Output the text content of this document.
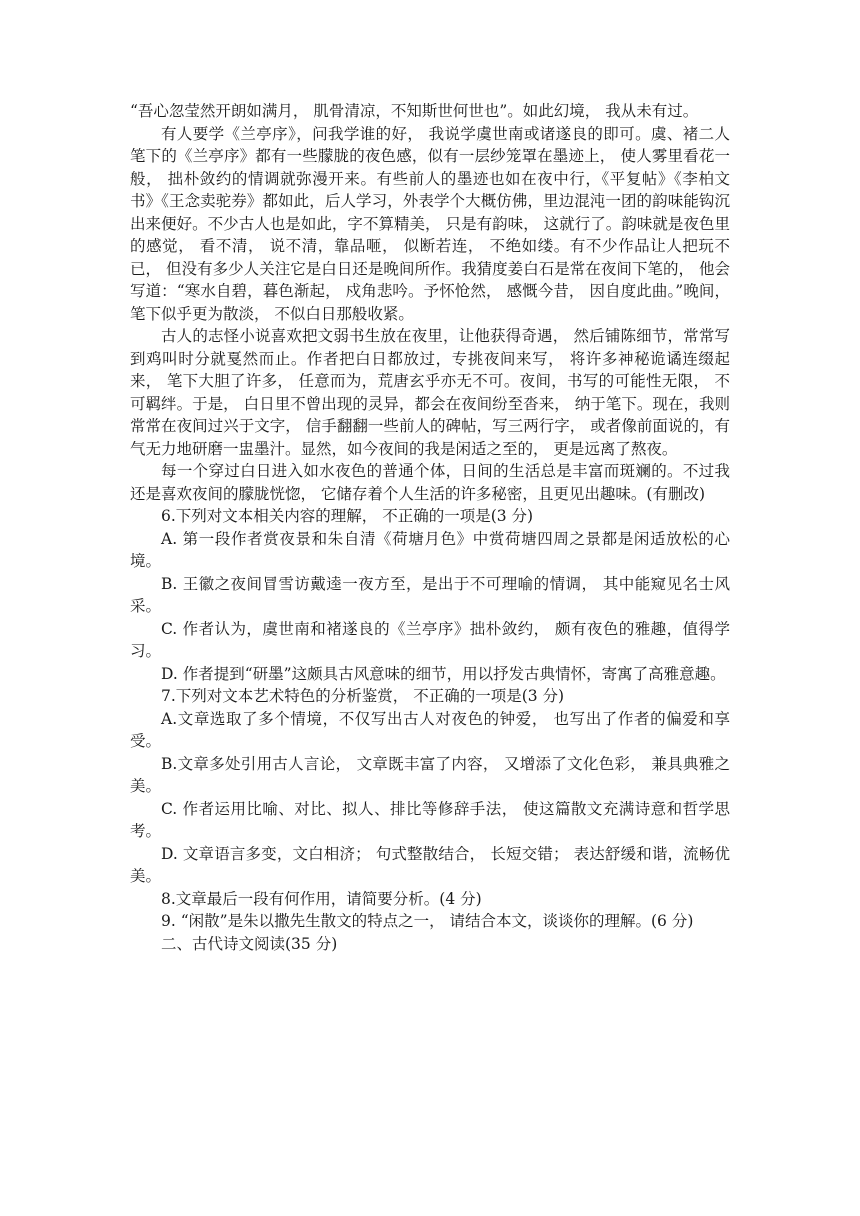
“吾心忽莹然开朗如满月， 肌骨清凉，不知斯世何世也”。如此幻境， 我从未有过。

有人要学《兰亭序》，问我学谁的好， 我说学虞世南或诸遂良的即可。虞、褚二人笔下的《兰亭序》都有一些朦胧的夜色感，似有一层纱笼罩在墨迹上， 使人雾里看花一般， 拙朴敛约的情调就弥漫开来。有些前人的墨迹也如在夜中行，《平复帖》《李柏文书》《王念卖驼券》都如此，后人学习，外表学个大概仿佛，里边混沌一团的韵味能钩沉出来便好。不少古人也是如此，字不算精美， 只是有韵味， 这就行了。韵味就是夜色里的感觉， 看不清， 说不清，靠品咂， 似断若连， 不绝如缕。有不少作品让人把玩不已， 但没有多少人关注它是白日还是晚间所作。我猜度姜白石是常在夜间下笔的， 他会写道：“寒水自碧，暮色渐起， 戍角悲吟。予怀怆然， 感慨今昔， 因自度此曲。”晚间， 笔下似乎更为散淡， 不似白日那般收紧。

古人的志怪小说喜欢把文弱书生放在夜里，让他获得奇遇， 然后铺陈细节，常常写到鸡叫时分就戛然而止。作者把白日都放过，专挑夜间来写， 将许多神秘诡谲连缀起来， 笔下大胆了许多， 任意而为，荒唐玄乎亦无不可。夜间，书写的可能性无限， 不可羁绊。于是， 白日里不曾出现的灵异，都会在夜间纷至沓来， 纳于笔下。现在，我则常常在夜间过兴于文字， 信手翻翻一些前人的碑帖，写三两行字， 或者像前面说的，有气无力地研磨一盅墨汁。显然，如今夜间的我是闲适之至的， 更是远离了熬夜。

每一个穿过白日进入如水夜色的普通个体，日间的生活总是丰富而斑斓的。不过我还是喜欢夜间的朦胧恍惚， 它储存着个人生活的许多秘密，且更见出趣味。(有删改)

6.下列对文本相关内容的理解， 不正确的一项是(3 分)

A. 第一段作者赏夜景和朱自清《荷塘月色》中赏荷塘四周之景都是闲适放松的心境。

B. 王徽之夜间冒雪访戴逵一夜方至，是出于不可理喻的情调， 其中能窥见名士风采。

C. 作者认为，虞世南和褚遂良的《兰亭序》拙朴敛约， 颇有夜色的雅趣，值得学习。

D. 作者提到“研墨”这颇具古风意味的细节，用以抒发古典情怀，寄寓了高雅意趣。

7.下列对文本艺术特色的分析鉴赏， 不正确的一项是(3 分)

A.文章选取了多个情境，不仅写出古人对夜色的钟爱， 也写出了作者的偏爱和享受。

B.文章多处引用古人言论， 文章既丰富了内容， 又增添了文化色彩， 兼具典雅之美。

C. 作者运用比喻、对比、拟人、排比等修辞手法， 使这篇散文充满诗意和哲学思考。

D. 文章语言多变，文白相济； 句式整散结合， 长短交错； 表达舒缓和谐，流畅优美。

8.文章最后一段有何作用，请简要分析。(4 分)

9. “闲散”是朱以撒先生散文的特点之一， 请结合本文，谈谈你的理解。(6 分)

二、古代诗文阅读(35 分)
